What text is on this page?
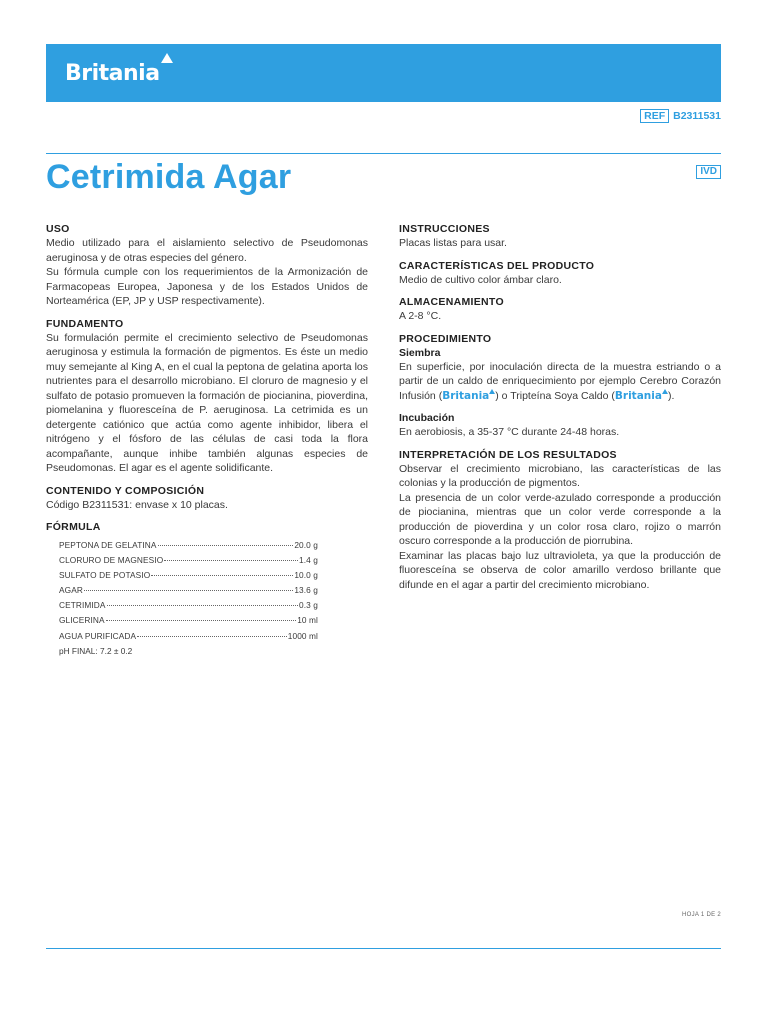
Britania
REF B2311531
Cetrimida Agar	IVD
USO

Medio utilizado para el aislamiento selectivo de Pseudomonas aeruginosa y de otras especies del género.

Su fórmula cumple con los requerimientos de la Armonización de Farmacopeas Europea, Japonesa y de los Estados Unidos de Norteamérica (EP, JP y USP respectivamente).

FUNDAMENTO

Su formulación permite el crecimiento selectivo de Pseudomonas aeruginosa y estimula la formación de pigmentos. Es éste un medio muy semejante al King A, en el cual la peptona de gelatina aporta los nutrientes para el desarrollo microbiano. El cloruro de magnesio y el sulfato de potasio promueven la formación de piocianina, pioverdina, piomelanina y fluoresceína de P. aeruginosa. La cetrimida es un detergente catiónico que actúa como agente inhibidor, libera el nitrógeno y el fósforo de las células de casi toda la flora acompañante, aunque inhibe también algunas especies de Pseudomonas. El agar es el agente solidificante.

CONTENIDO Y COMPOSICIÓN

Código B2311531: envase x 10 placas.

FÓRMULA
PEPTONA DE GELATINA	20.0 g
CLORURO DE MAGNESIO	1.4 g
SULFATO DE POTASIO	10.0 g
AGAR	13.6 g
CETRIMIDA	0.3 g
GLICERINA	10 ml
AGUA PURIFICADA	1000 ml
pH FINAL: 7.2 ± 0.2
INSTRUCCIONES

Placas listas para usar.

CARACTERÍSTICAS DEL PRODUCTO

Medio de cultivo color ámbar claro.

ALMACENAMIENTO

A 2-8 °C.

PROCEDIMIENTO
Siembra

En superficie, por inoculación directa de la muestra estriando o a partir de un caldo de enriquecimiento por ejemplo Cerebro Corazón Infusión (Britania ) o Tripteína Soya Caldo (Britania ).

Incubación

En aerobiosis, a 35-37 °C durante 24-48 horas.

INTERPRETACIÓN DE LOS RESULTADOS

Observar el crecimiento microbiano, las características de las colonias y la producción de pigmentos.

La presencia de un color verde-azulado corresponde a producción de piocianina, mientras que un color verde corresponde a la producción de pioverdina y un color rosa claro, rojizo o marrón oscuro corresponde a la producción de piorrubina.

Examinar las placas bajo luz ultravioleta, ya que la producción de fluoresceína se observa de color amarillo verdoso brillante que difunde en el agar a partir del crecimiento microbiano.

HOJA 1 DE 2
